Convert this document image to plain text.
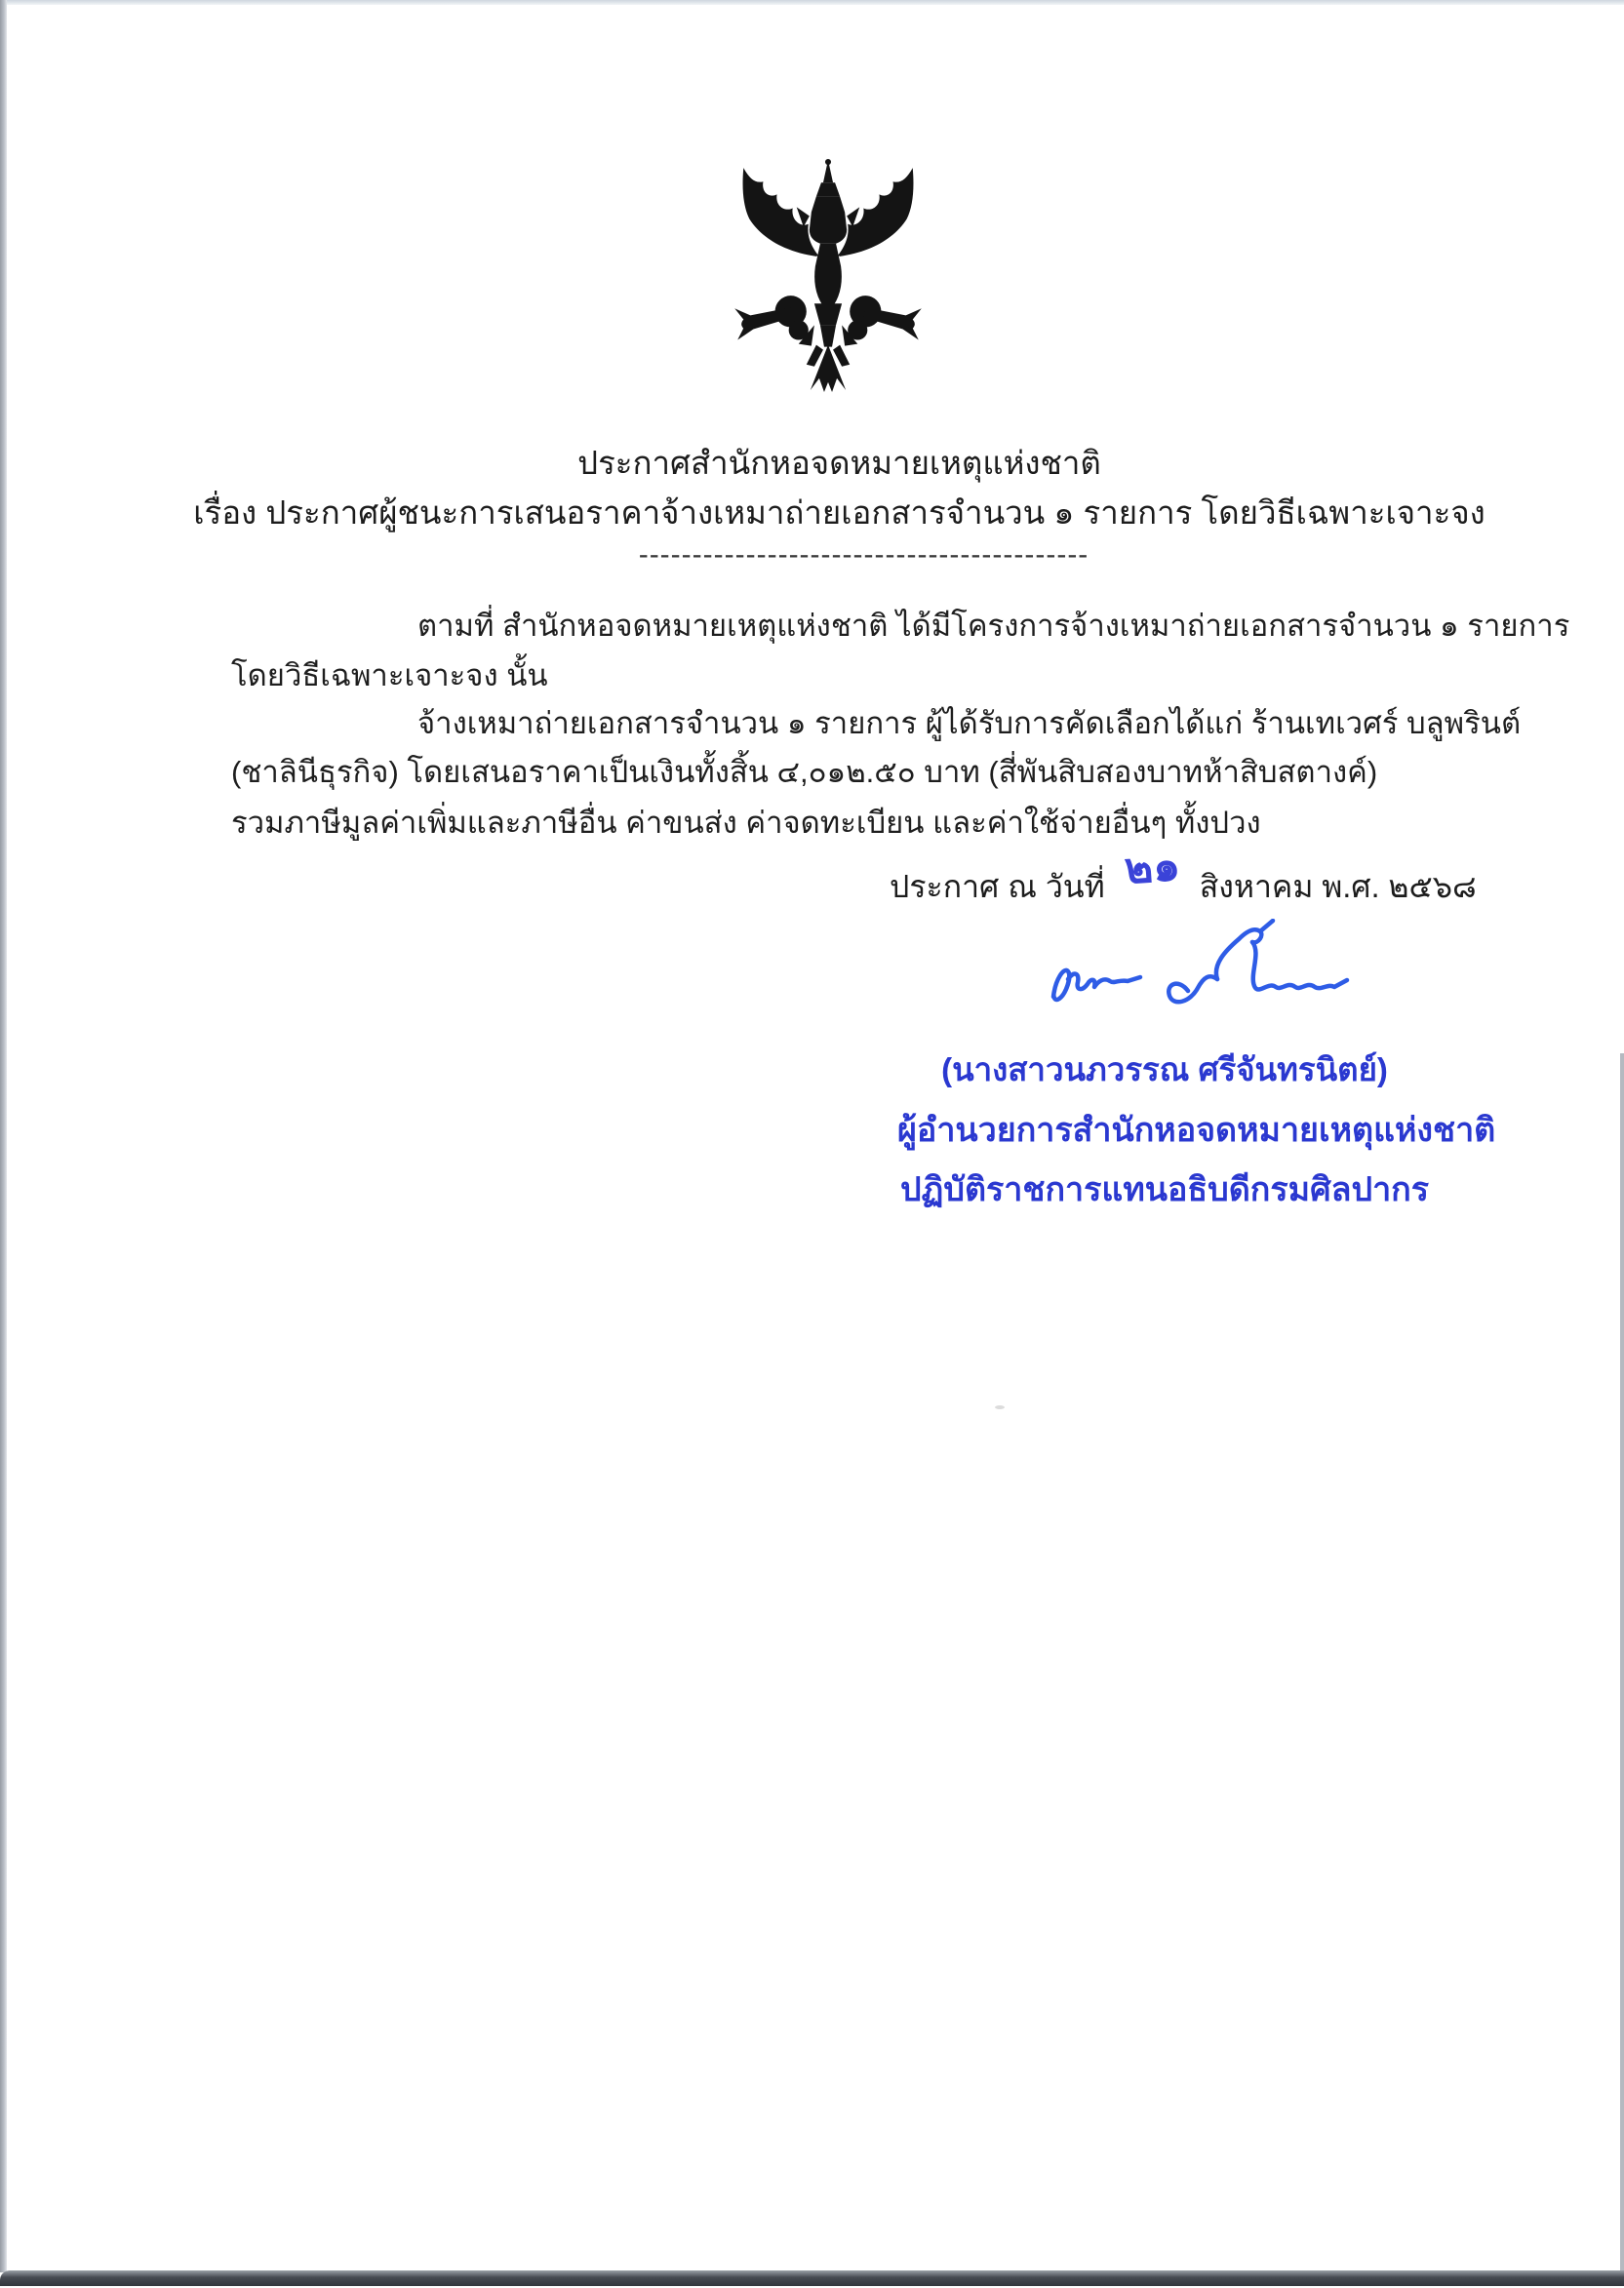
ประกาศสำนักหอจดหมายเหตุแห่งชาติ
เรื่อง ประกาศผู้ชนะการเสนอราคาจ้างเหมาถ่ายเอกสารจำนวน ๑ รายการ โดยวิธีเฉพาะเจาะจง
------------------------------------------
ตามที่ สำนักหอจดหมายเหตุแห่งชาติ ได้มีโครงการจ้างเหมาถ่ายเอกสารจำนวน ๑ รายการ
โดยวิธีเฉพาะเจาะจง นั้น
จ้างเหมาถ่ายเอกสารจำนวน ๑ รายการ ผู้ได้รับการคัดเลือกได้แก่ ร้านเทเวศร์ บลูพรินต์
(ชาลินีธุรกิจ) โดยเสนอราคาเป็นเงินทั้งสิ้น ๔,๐๑๒.๕๐ บาท (สี่พันสิบสองบาทห้าสิบสตางค์)
รวมภาษีมูลค่าเพิ่มและภาษีอื่น ค่าขนส่ง ค่าจดทะเบียน และค่าใช้จ่ายอื่นๆ ทั้งปวง
ประกาศ ณ วันที่ ๒๑ สิงหาคม พ.ศ. ๒๕๖๘
(นางสาวนภวรรณ ศรีจันทรนิตย์)
ผู้อำนวยการสำนักหอจดหมายเหตุแห่งชาติ
ปฏิบัติราชการแทนอธิบดีกรมศิลปากร
